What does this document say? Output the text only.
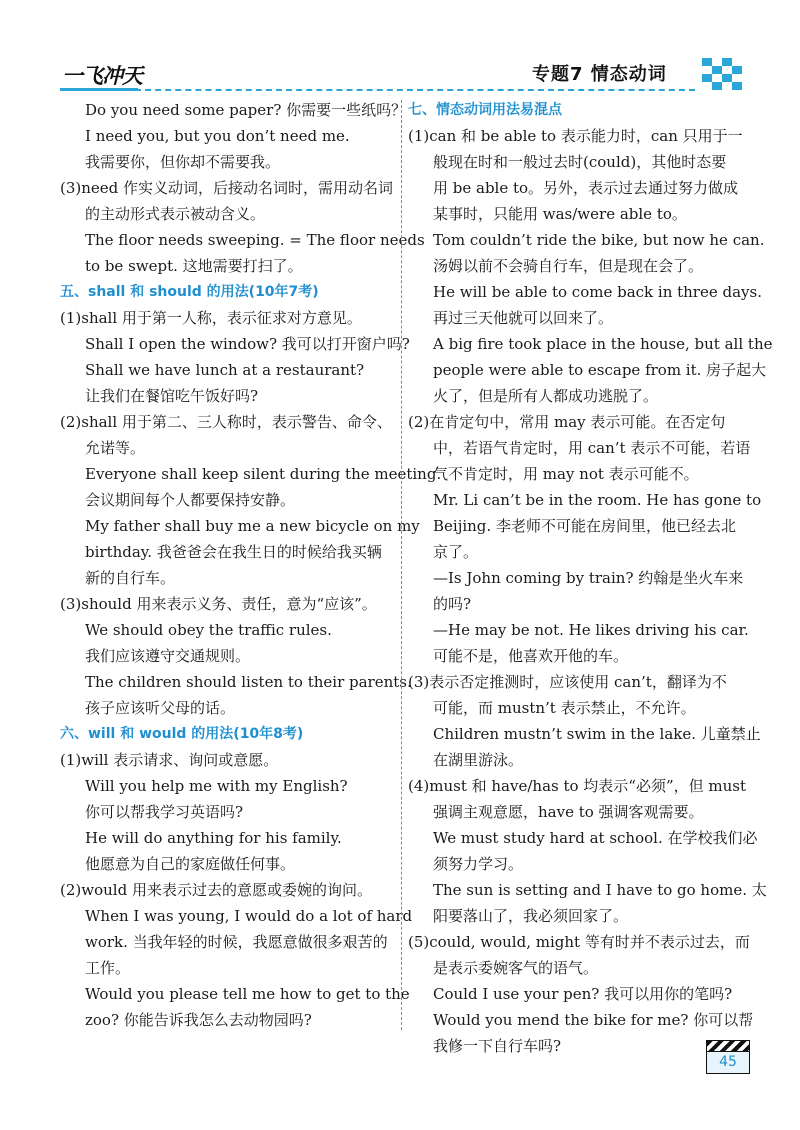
一飞冲天	专题7 情态动词
Do you need some paper? 你需要一些纸吗？
I need you, but you don’t need me.
我需要你，但你却不需要我。
(3)need 作实义动词，后接动名词时，需用动名词
的主动形式表示被动含义。
The floor needs sweeping. = The floor needs
to be swept. 这地需要打扫了。
五、shall 和 should 的用法(10年7考)
(1)shall 用于第一人称，表示征求对方意见。
Shall I open the window? 我可以打开窗户吗?
Shall we have lunch at a restaurant?
让我们在餐馆吃午饭好吗?
(2)shall 用于第二、三人称时，表示警告、命令、
允诺等。
Everyone shall keep silent during the meeting.
会议期间每个人都要保持安静。
My father shall buy me a new bicycle on my
birthday. 我爸爸会在我生日的时候给我买辆
新的自行车。
(3)should 用来表示义务、责任，意为“应该”。
We should obey the traffic rules.
我们应该遵守交通规则。
The children should listen to their parents.
孩子应该听父母的话。
六、will 和 would 的用法(10年8考)
(1)will 表示请求、询问或意愿。
Will you help me with my English?
你可以帮我学习英语吗?
He will do anything for his family.
他愿意为自己的家庭做任何事。
(2)would 用来表示过去的意愿或委婉的询问。
When I was young, I would do a lot of hard
work. 当我年轻的时候，我愿意做很多艰苦的
工作。
Would you please tell me how to get to the
zoo? 你能告诉我怎么去动物园吗?
七、情态动词用法易混点
(1)can 和 be able to 表示能力时，can 只用于一
般现在时和一般过去时(could)，其他时态要
用 be able to。另外，表示过去通过努力做成
某事时，只能用 was/were able to。
Tom couldn’t ride the bike, but now he can.
汤姆以前不会骑自行车，但是现在会了。
He will be able to come back in three days.
再过三天他就可以回来了。
A big fire took place in the house, but all the
people were able to escape from it. 房子起大
火了，但是所有人都成功逃脱了。
(2)在肯定句中，常用 may 表示可能。在否定句
中，若语气肯定时，用 can’t 表示不可能，若语
气不肯定时，用 may not 表示可能不。
Mr. Li can’t be in the room. He has gone to
Beijing. 李老师不可能在房间里，他已经去北
京了。
—Is John coming by train? 约翰是坐火车来
的吗?
—He may be not. He likes driving his car.
可能不是，他喜欢开他的车。
(3)表示否定推测时，应该使用 can’t，翻译为不
可能，而 mustn’t 表示禁止，不允许。
Children mustn’t swim in the lake. 儿童禁止
在湖里游泳。
(4)must 和 have/has to 均表示“必须”，但 must
强调主观意愿，have to 强调客观需要。
We must study hard at school. 在学校我们必
须努力学习。
The sun is setting and I have to go home. 太
阳要落山了，我必须回家了。
(5)could, would, might 等有时并不表示过去，而
是表示委婉客气的语气。
Could I use your pen? 我可以用你的笔吗?
Would you mend the bike for me? 你可以帮
我修一下自行车吗?
45
